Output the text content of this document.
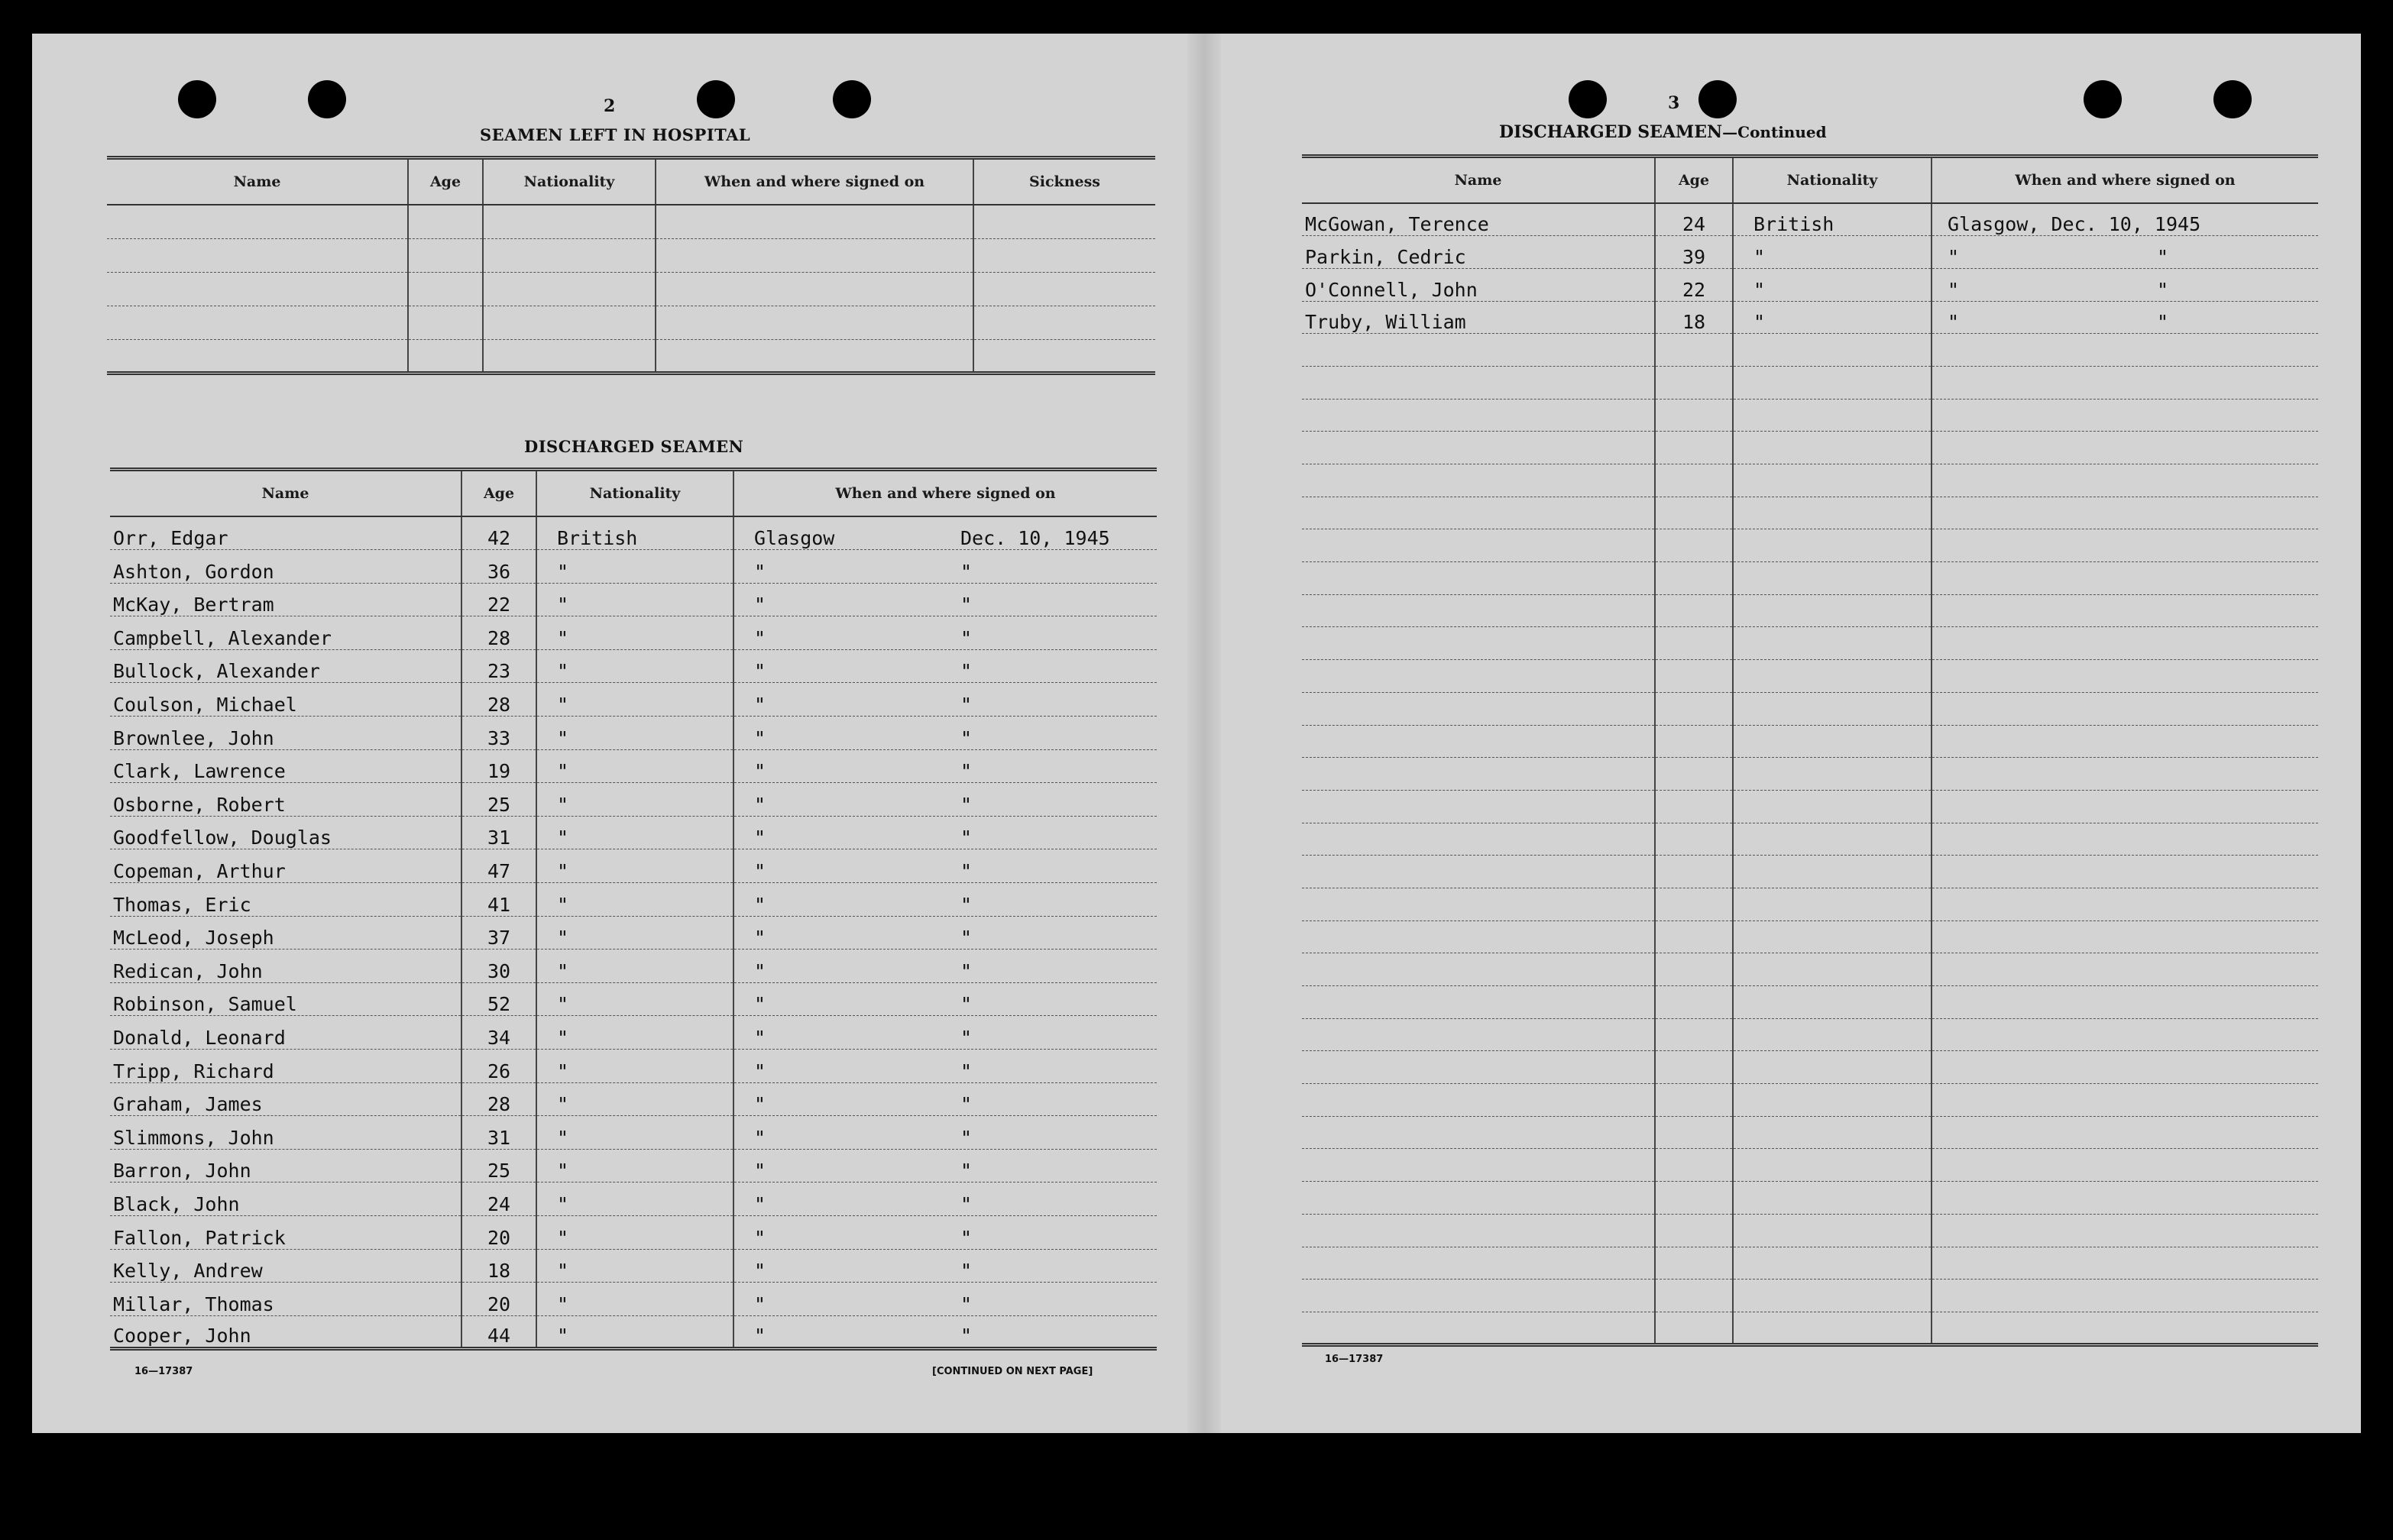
2
SEAMEN LEFT IN HOSPITAL
Name	Age	Nationality	When and where signed on	Sickness

DISCHARGED SEAMEN
Name	Age	Nationality	When and where signed on
Orr, Edgar	42	British	Glasgow Dec. 10, 1945
Ashton, Gordon	36	"	" "
McKay, Bertram	22	"	" "
Campbell, Alexander	28	"	" "
Bullock, Alexander	23	"	" "
Coulson, Michael	28	"	" "
Brownlee, John	33	"	" "
Clark, Lawrence	19	"	" "
Osborne, Robert	25	"	" "
Goodfellow, Douglas	31	"	" "
Copeman, Arthur	47	"	" "
Thomas, Eric	41	"	" "
McLeod, Joseph	37	"	" "
Redican, John	30	"	" "
Robinson, Samuel	52	"	" "
Donald, Leonard	34	"	" "
Tripp, Richard	26	"	" "
Graham, James	28	"	" "
Slimmons, John	31	"	" "
Barron, John	25	"	" "
Black, John	24	"	" "
Fallon, Patrick	20	"	" "
Kelly, Andrew	18	"	" "
Millar, Thomas	20	"	" "
Cooper, John	44	"	" "
16—17387	[CONTINUED ON NEXT PAGE]
3
DISCHARGED SEAMEN—Continued
Name	Age	Nationality	When and where signed on
McGowan, Terence	24	British	Glasgow, Dec. 10, 1945
Parkin, Cedric	39	"	" "
O'Connell, John	22	"	" "
Truby, William	18	"	" "

16—17387
